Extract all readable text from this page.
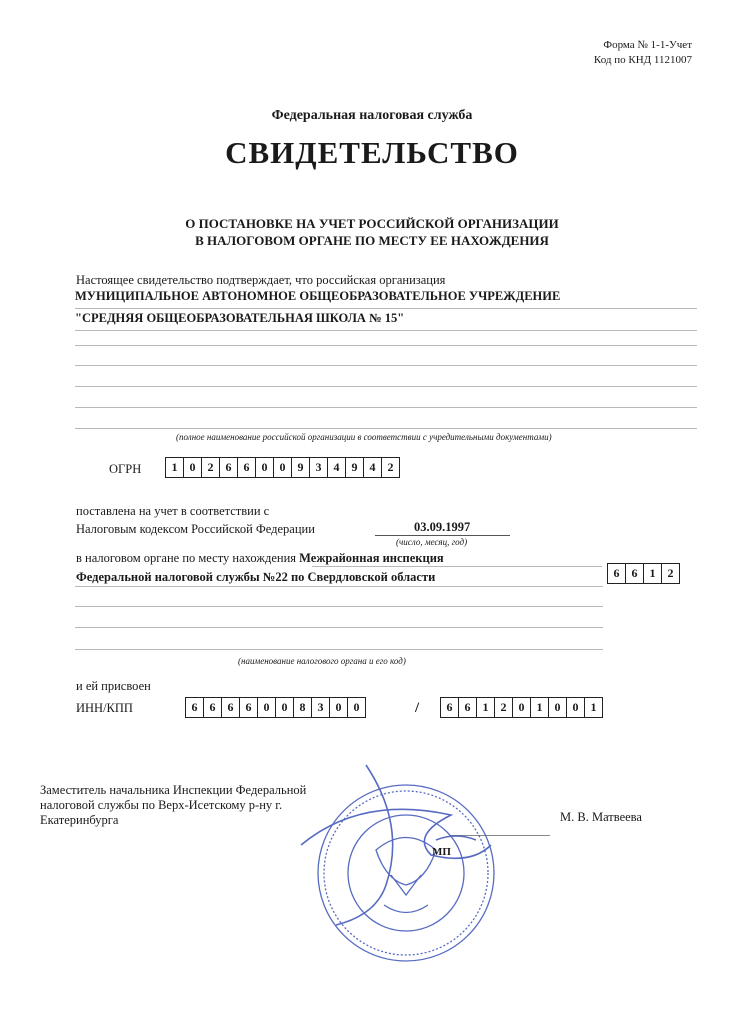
Форма № 1-1-Учет
Код по КНД 1121007
Федеральная налоговая служба
СВИДЕТЕЛЬСТВО
О ПОСТАНОВКЕ НА УЧЕТ РОССИЙСКОЙ ОРГАНИЗАЦИИ
В НАЛОГОВОМ ОРГАНЕ ПО МЕСТУ ЕЕ НАХОЖДЕНИЯ
Настоящее свидетельство подтверждает, что российская организация
МУНИЦИПАЛЬНОЕ АВТОНОМНОЕ ОБЩЕОБРАЗОВАТЕЛЬНОЕ УЧРЕЖДЕНИЕ
"СРЕДНЯЯ ОБЩЕОБРАЗОВАТЕЛЬНАЯ ШКОЛА № 15"
(полное наименование российской организации в соответствии с учредительными документами)
ОГРН	1	0	2	6	6	0	0	9	3	4	9	4	2
поставлена на учет в соответствии с
Налоговым кодексом Российской Федерации	03.09.1997
(число, месяц, год)
в налоговом органе по месту нахождения Межрайонная инспекция
Федеральной налоговой службы №22 по Свердловской области	6	6	1	2
(наименование налогового органа и его код)
и ей присвоен
ИНН/КПП	6	6	6	6	0	0	8	3	0	0	/	6	6	1	2	0	1	0	0	1
Заместитель начальника Инспекции Федеральной
налоговой службы по Верх-Исетскому р-ну г.
Екатеринбурга	М. В. Матвеева
МП
